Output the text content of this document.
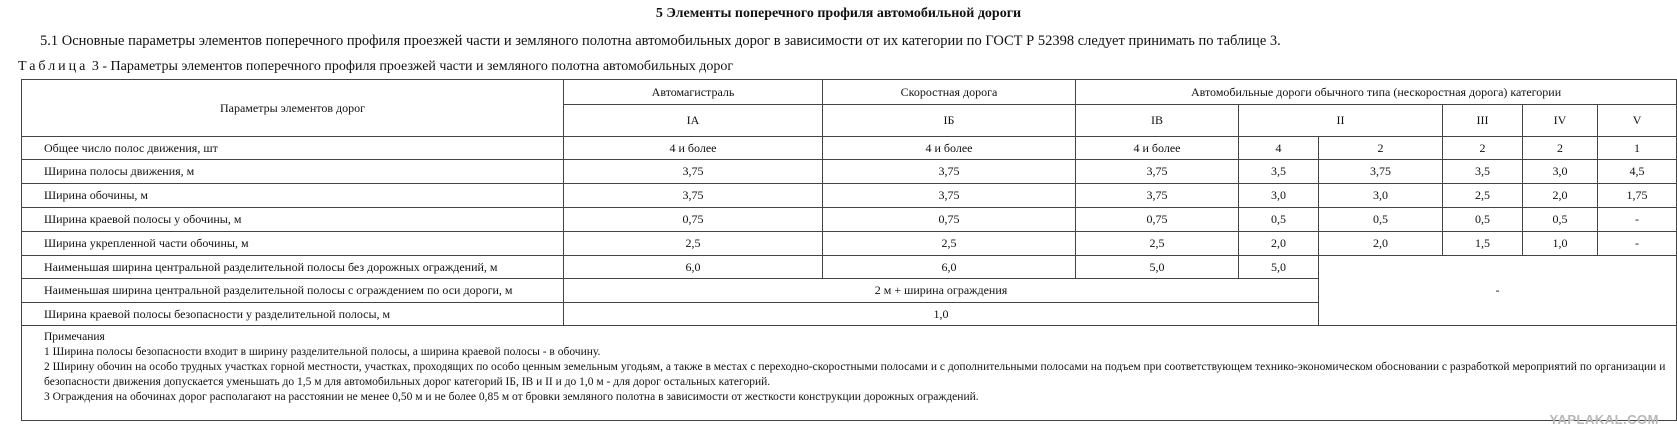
5 Элементы поперечного профиля автомобильной дороги
5.1 Основные параметры элементов поперечного профиля проезжей части и земляного полотна автомобильных дорог в зависимости от их категории по ГОСТ Р 52398 следует принимать по таблице 3.
Таблица 3 - Параметры элементов поперечного профиля проезжей части и земляного полотна автомобильных дорог
Параметры элементов дорог	Автомагистраль	Скоростная дорога	Автомобильные дороги обычного типа (нескоростная дорога) категории					
	IA	IБ	IВ	II		III	IV	V
Общее число полос движения, шт	4 и более	4 и более	4 и более	4	2	2	2	1
Ширина полосы движения, м	3,75	3,75	3,75	3,5	3,75	3,5	3,0	4,5
Ширина обочины, м	3,75	3,75	3,75	3,0	3,0	2,5	2,0	1,75
Ширина краевой полосы у обочины, м	0,75	0,75	0,75	0,5	0,5	0,5	0,5	-
Ширина укрепленной части обочины, м	2,5	2,5	2,5	2,0	2,0	1,5	1,0	-
Наименьшая ширина центральной разделительной полосы без дорожных ограждений, м	6,0	6,0	5,0	5,0	-			
Наименьшая ширина центральной разделительной полосы с ограждением по оси дороги, м	2 м + ширина ограждения							
Ширина краевой полосы безопасности у разделительной полосы, м	1,0							

Примечания
1 Ширина полосы безопасности входит в ширину разделительной полосы, а ширина краевой полосы - в обочину.
2 Ширину обочин на особо трудных участках горной местности, участках, проходящих по особо ценным земельным угодьям, а также в местах с переходно-скоростными полосами и с дополнительными полосами на подъем при соответствующем технико-экономическом обосновании с разработкой мероприятий по организации и безопасности движения допускается уменьшать до 1,5 м для автомобильных дорог категорий IБ, IВ и II и до 1,0 м - для дорог остальных категорий.
3 Ограждения на обочинах дорог располагают на расстоянии не менее 0,50 м и не более 0,85 м от бровки земляного полотна в зависимости от жесткости конструкции дорожных ограждений.								
YAPLAKAL.COM
